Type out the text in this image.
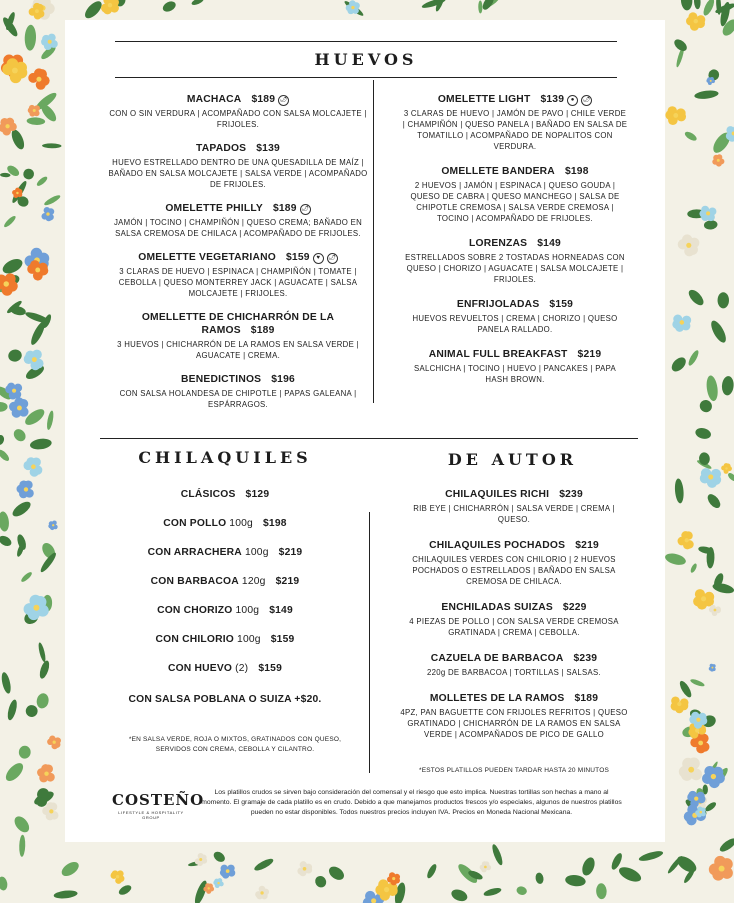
HUEVOS
MACHACA $189 🌶
CON O SIN VERDURA | ACOMPAÑADO CON SALSA MOLCAJETE | FRIJOLES.
TAPADOS $139
HUEVO ESTRELLADO DENTRO DE UNA QUESADILLA DE MAÍZ | BAÑADO EN SALSA MOLCAJETE | SALSA VERDE | ACOMPAÑADO DE FRIJOLES.
OMELETTE PHILLY $189 🌶
JAMÓN | TOCINO | CHAMPIÑÓN | QUESO CREMA; BAÑADO EN SALSA CREMOSA DE CHILACA | ACOMPAÑADO DE FRIJOLES.
OMELETTE VEGETARIANO $159 ♥ 🌶
3 CLARAS DE HUEVO | ESPINACA | CHAMPIÑÓN | TOMATE | CEBOLLA | QUESO MONTERREY JACK | AGUACATE | SALSA MOLCAJETE | FRIJOLES.
OMELLETTE DE CHICHARRÓN DE LA RAMOS $189
3 HUEVOS | CHICHARRÓN DE LA RAMOS EN SALSA VERDE | AGUACATE | CREMA.
BENEDICTINOS $196
CON SALSA HOLANDESA DE CHIPOTLE | PAPAS GALEANA | ESPÁRRAGOS.
OMELETTE LIGHT $139 ● 🌶
3 CLARAS DE HUEVO | JAMÓN DE PAVO | CHILE VERDE | CHAMPIÑÓN | QUESO PANELA | BAÑADO EN SALSA DE TOMATILLO | ACOMPAÑADO DE NOPALITOS CON VERDURA.
OMELLETE BANDERA $198
2 HUEVOS | JAMÓN | ESPINACA | QUESO GOUDA | QUESO DE CABRA | QUESO MANCHEGO | SALSA DE CHIPOTLE CREMOSA | SALSA VERDE CREMOSA | TOCINO | ACOMPAÑADO DE FRIJOLES.
LORENZAS $149
ESTRELLADOS SOBRE 2 TOSTADAS HORNEADAS CON QUESO | CHORIZO | AGUACATE | SALSA MOLCAJETE | FRIJOLES.
ENFRIJOLADAS $159
HUEVOS REVUELTOS | CREMA | CHORIZO | QUESO PANELA RALLADO.
ANIMAL FULL BREAKFAST $219
SALCHICHA | TOCINO | HUEVO | PANCAKES | PAPA HASH BROWN.
CHILAQUILES	DE AUTOR
CLÁSICOS $129
CON POLLO 100g $198
CON ARRACHERA 100g $219
CON BARBACOA 120g $219
CON CHORIZO 100g $149
CON CHILORIO 100g $159
CON HUEVO (2) $159
CON SALSA POBLANA O SUIZA +$20.
*EN SALSA VERDE, ROJA O MIXTOS, GRATINADOS CON QUESO, SERVIDOS CON CREMA, CEBOLLA Y CILANTRO.
CHILAQUILES RICHI $239
RIB EYE | CHICHARRÓN | SALSA VERDE | CREMA | QUESO.
CHILAQUILES POCHADOS $219
CHILAQUILES VERDES CON CHILORIO | 2 HUEVOS POCHADOS O ESTRELLADOS | BAÑADO EN SALSA CREMOSA DE CHILACA.
ENCHILADAS SUIZAS $229
4 PIEZAS DE POLLO | CON SALSA VERDE CREMOSA GRATINADA | CREMA | CEBOLLA.
CAZUELA DE BARBACOA $239
220g DE BARBACOA | TORTILLAS | SALSAS.
MOLLETES DE LA RAMOS $189
4PZ, PAN BAGUETTE CON FRIJOLES REFRITOS | QUESO GRATINADO | CHICHARRÓN DE LA RAMOS EN SALSA VERDE | ACOMPAÑADOS DE PICO DE GALLO
*ESTOS PLATILLOS PUEDEN TARDAR HASTA 20 MINUTOS
COSTEÑO
LIFESTYLE & HOSPITALITY GROUP
Los platillos crudos se sirven bajo consideración del comensal y el riesgo que esto implica. Nuestras tortillas son hechas a mano al momento. El gramaje de cada platillo es en crudo. Debido a que manejamos productos frescos y/o especiales, algunos de nuestros platillos pueden no estar disponibles. Todos nuestros precios incluyen IVA. Precios en Moneda Nacional Mexicana.
